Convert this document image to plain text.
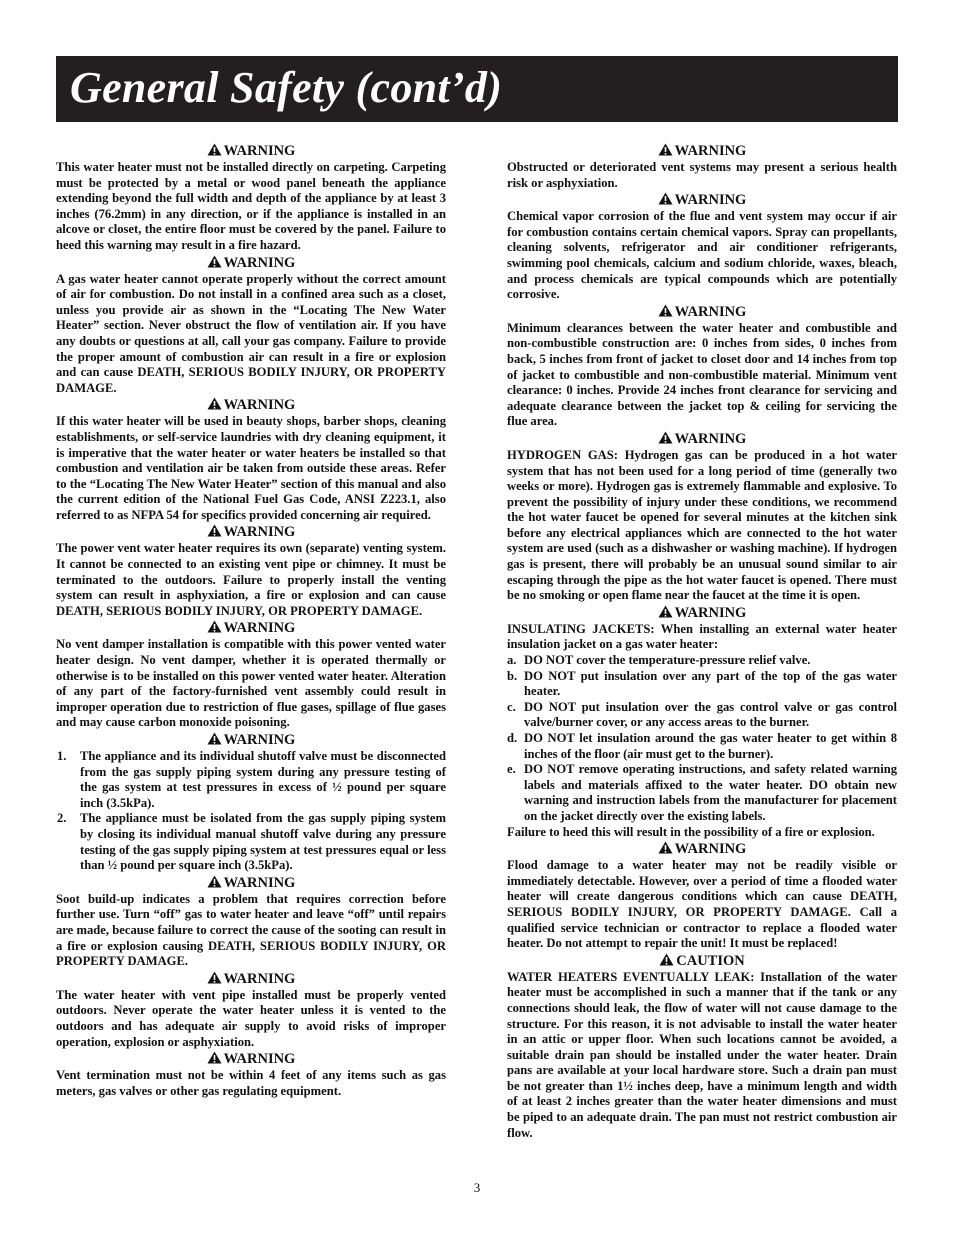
General Safety (cont’d)
WARNING

This water heater must not be installed directly on carpeting. Carpeting must be protected by a metal or wood panel beneath the appliance extending beyond the full width and depth of the appliance by at least 3 inches (76.2mm) in any direction, or if the appliance is installed in an alcove or closet, the entire floor must be covered by the panel. Failure to heed this warning may result in a fire hazard.

WARNING

A gas water heater cannot operate properly without the correct amount of air for combustion. Do not install in a confined area such as a closet, unless you provide air as shown in the “Locating The New Water Heater” section. Never obstruct the flow of ventilation air. If you have any doubts or questions at all, call your gas company. Failure to provide the proper amount of combustion air can result in a fire or explosion and can cause DEATH, SERIOUS BODILY INJURY, OR PROPERTY DAMAGE.

WARNING

If this water heater will be used in beauty shops, barber shops, cleaning establishments, or self-service laundries with dry cleaning equipment, it is imperative that the water heater or water heaters be installed so that combustion and ventilation air be taken from outside these areas. Refer to the “Locating The New Water Heater” section of this manual and also the current edition of the National Fuel Gas Code, ANSI Z223.1, also referred to as NFPA 54 for specifics provided concerning air required.

WARNING

The power vent water heater requires its own (separate) venting system. It cannot be connected to an existing vent pipe or chimney. It must be terminated to the outdoors. Failure to properly install the venting system can result in asphyxiation, a fire or explosion and can cause DEATH, SERIOUS BODILY INJURY, OR PROPERTY DAMAGE.

WARNING

No vent damper installation is compatible with this power vented water heater design. No vent damper, whether it is operated thermally or otherwise is to be installed on this power vented water heater. Alteration of any part of the factory-furnished vent assembly could result in improper operation due to restriction of flue gases, spillage of flue gases and may cause carbon monoxide poisoning.

WARNING
1. The appliance and its individual shutoff valve must be disconnected from the gas supply piping system during any pressure testing of the gas system at test pressures in excess of ½ pound per square inch (3.5kPa).
2. The appliance must be isolated from the gas supply piping system by closing its individual manual shutoff valve during any pressure testing of the gas supply piping system at test pressures equal or less than ½ pound per square inch (3.5kPa).
WARNING

Soot build-up indicates a problem that requires correction before further use. Turn “off” gas to water heater and leave “off” until repairs are made, because failure to correct the cause of the sooting can result in a fire or explosion causing DEATH, SERIOUS BODILY INJURY, OR PROPERTY DAMAGE.

WARNING

The water heater with vent pipe installed must be properly vented outdoors. Never operate the water heater unless it is vented to the outdoors and has adequate air supply to avoid risks of improper operation, explosion or asphyxiation.

WARNING

Vent termination must not be within 4 feet of any items such as gas meters, gas valves or other gas regulating equipment.

WARNING

Obstructed or deteriorated vent systems may present a serious health risk or asphyxiation.

WARNING

Chemical vapor corrosion of the flue and vent system may occur if air for combustion contains certain chemical vapors. Spray can propellants, cleaning solvents, refrigerator and air conditioner refrigerants, swimming pool chemicals, calcium and sodium chloride, waxes, bleach, and process chemicals are typical compounds which are potentially corrosive.

WARNING

Minimum clearances between the water heater and combustible and non-combustible construction are: 0 inches from sides, 0 inches from back, 5 inches from front of jacket to closet door and 14 inches from top of jacket to combustible and non-combustible material. Minimum vent clearance: 0 inches. Provide 24 inches front clearance for servicing and adequate clearance between the jacket top & ceiling for servicing the flue area.

WARNING

HYDROGEN GAS: Hydrogen gas can be produced in a hot water system that has not been used for a long period of time (generally two weeks or more). Hydrogen gas is extremely flammable and explosive. To prevent the possibility of injury under these conditions, we recommend the hot water faucet be opened for several minutes at the kitchen sink before any electrical appliances which are connected to the hot water system are used (such as a dishwasher or washing machine). If hydrogen gas is present, there will probably be an unusual sound similar to air escaping through the pipe as the hot water faucet is opened. There must be no smoking or open flame near the faucet at the time it is open.

WARNING

INSULATING JACKETS: When installing an external water heater insulation jacket on a gas water heater:

a. DO NOT cover the temperature-pressure relief valve.
b. DO NOT put insulation over any part of the top of the gas water heater.
c. DO NOT put insulation over the gas control valve or gas control valve/burner cover, or any access areas to the burner.
d. DO NOT let insulation around the gas water heater to get within 8 inches of the floor (air must get to the burner).
e. DO NOT remove operating instructions, and safety related warning labels and materials affixed to the water heater. DO obtain new warning and instruction labels from the manufacturer for placement on the jacket directly over the existing labels.

Failure to heed this will result in the possibility of a fire or explosion.

WARNING

Flood damage to a water heater may not be readily visible or immediately detectable. However, over a period of time a flooded water heater will create dangerous conditions which can cause DEATH, SERIOUS BODILY INJURY, OR PROPERTY DAMAGE. Call a qualified service technician or contractor to replace a flooded water heater. Do not attempt to repair the unit! It must be replaced!

CAUTION

WATER HEATERS EVENTUALLY LEAK: Installation of the water heater must be accomplished in such a manner that if the tank or any connections should leak, the flow of water will not cause damage to the structure. For this reason, it is not advisable to install the water heater in an attic or upper floor. When such locations cannot be avoided, a suitable drain pan should be installed under the water heater. Drain pans are available at your local hardware store. Such a drain pan must be not greater than 1½ inches deep, have a minimum length and width of at least 2 inches greater than the water heater dimensions and must be piped to an adequate drain. The pan must not restrict combustion air flow.

3
